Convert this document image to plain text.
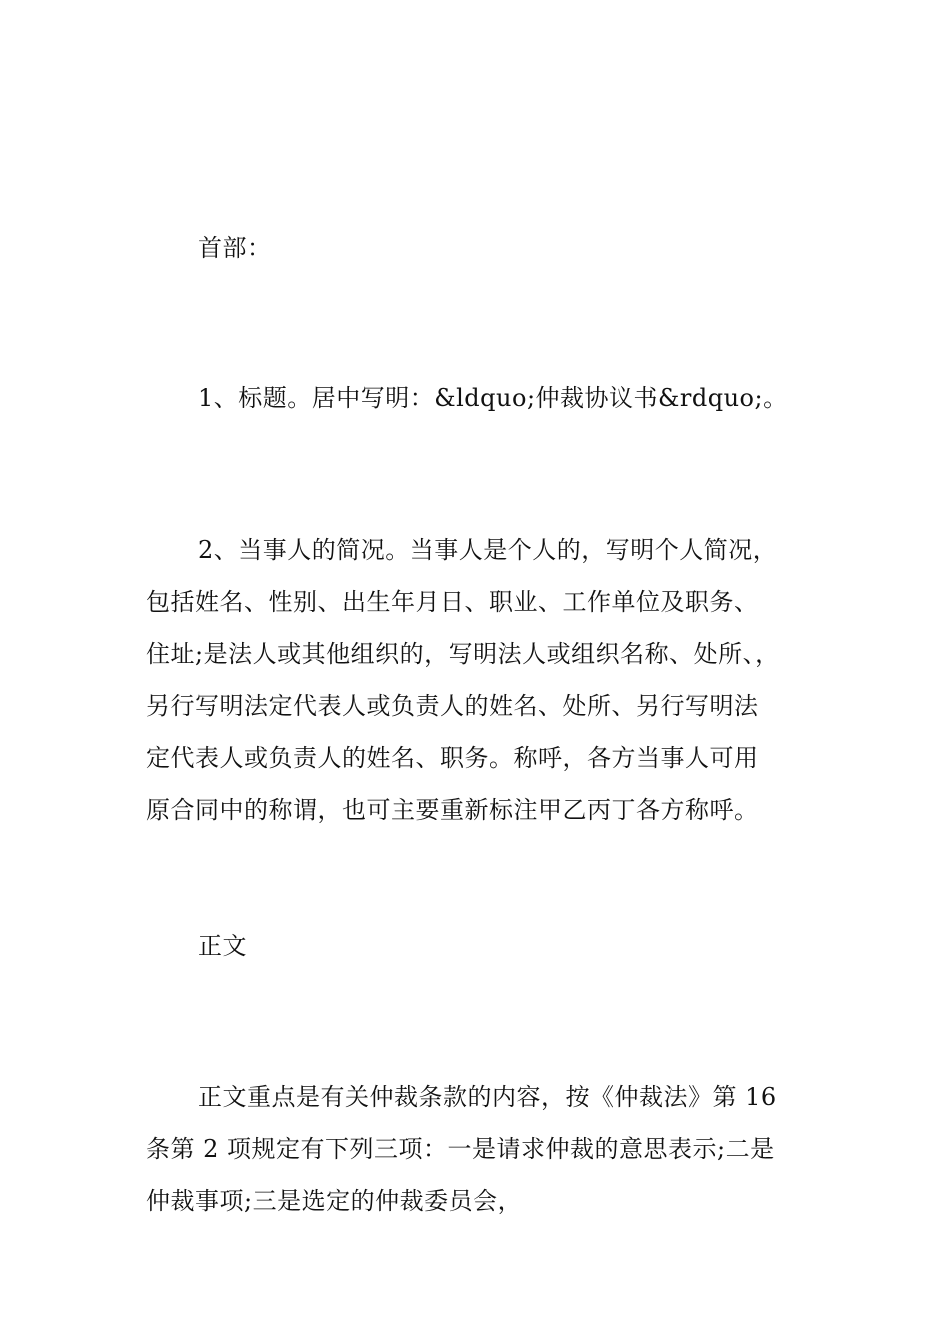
首部：

1、标题。居中写明：&ldquo;仲裁协议书&rdquo;。

2、当事人的简况。当事人是个人的，写明个人简况，
包括姓名、性别、出生年月日、职业、工作单位及职务、
住址;是法人或其他组织的，写明法人或组织名称、处所、，
另行写明法定代表人或负责人的姓名、处所、另行写明法
定代表人或负责人的姓名、职务。称呼，各方当事人可用
原合同中的称谓，也可主要重新标注甲乙丙丁各方称呼。

正文

正文重点是有关仲裁条款的内容，按《仲裁法》第 16
条第 2 项规定有下列三项：一是请求仲裁的意思表示;二是
仲裁事项;三是选定的仲裁委员会，
